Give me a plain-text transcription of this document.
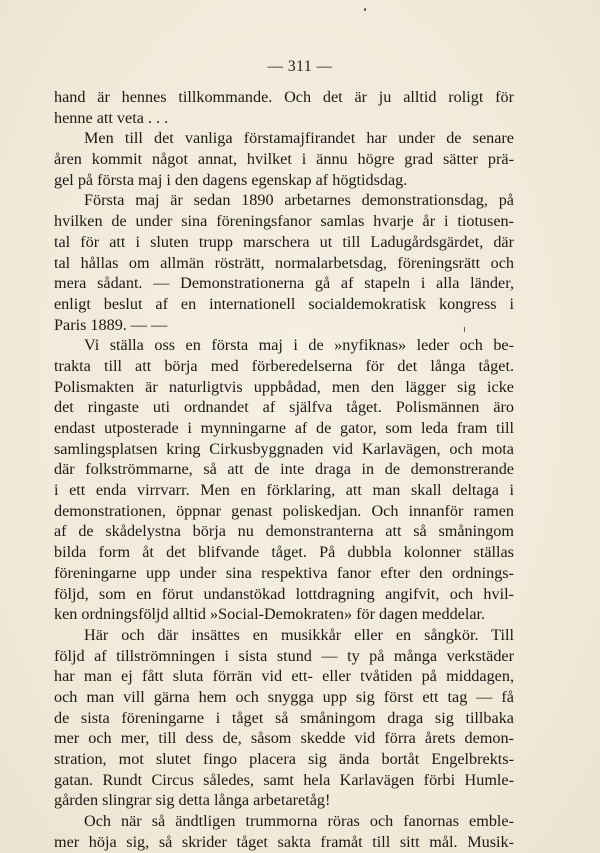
— 311 —
hand är hennes tillkommande. Och det är ju alltid roligt för
henne att veta . . .
Men till det vanliga förstamajfirandet har under de senare
åren kommit något annat, hvilket i ännu högre grad sätter prä-
gel på första maj i den dagens egenskap af högtidsdag.
Första maj är sedan 1890 arbetarnes demonstrationsdag, på
hvilken de under sina föreningsfanor samlas hvarje år i tiotusen-
tal för att i sluten trupp marschera ut till Ladugårdsgärdet, där
tal hållas om allmän rösträtt, normalarbetsdag, föreningsrätt och
mera sådant. — Demonstrationerna gå af stapeln i alla länder,
enligt beslut af en internationell socialdemokratisk kongress i
Paris 1889. — —
Vi ställa oss en första maj i de »nyfiknas» leder och be-
trakta till att börja med förberedelserna för det långa tåget.
Polismakten är naturligtvis uppbådad, men den lägger sig icke
det ringaste uti ordnandet af själfva tåget. Polismännen äro
endast utposterade i mynningarne af de gator, som leda fram till
samlingsplatsen kring Cirkusbyggnaden vid Karlavägen, och mota
där folkströmmarne, så att de inte draga in de demonstrerande
i ett enda virrvarr. Men en förklaring, att man skall deltaga i
demonstrationen, öppnar genast poliskedjan. Och innanför ramen
af de skådelystna börja nu demonstranterna att så småningom
bilda form åt det blifvande tåget. På dubbla kolonner ställas
föreningarne upp under sina respektiva fanor efter den ordnings-
följd, som en förut undanstökad lottdragning angifvit, och hvil-
ken ordningsföljd alltid »Social-Demokraten» för dagen meddelar.
Här och där insättes en musikkår eller en sångkör. Till
följd af tillströmningen i sista stund — ty på många verkstäder
har man ej fått sluta förrän vid ett- eller tvåtiden på middagen,
och man vill gärna hem och snygga upp sig först ett tag — få
de sista föreningarne i tåget så småningom draga sig tillbaka
mer och mer, till dess de, såsom skedde vid förra årets demon-
stration, mot slutet fingo placera sig ända bortåt Engelbrekts-
gatan. Rundt Circus således, samt hela Karlavägen förbi Humle-
gården slingrar sig detta långa arbetaretåg!
Och när så ändtligen trummorna röras och fanornas emble-
mer höja sig, så skrider tåget sakta framåt till sitt mål. Musik-
